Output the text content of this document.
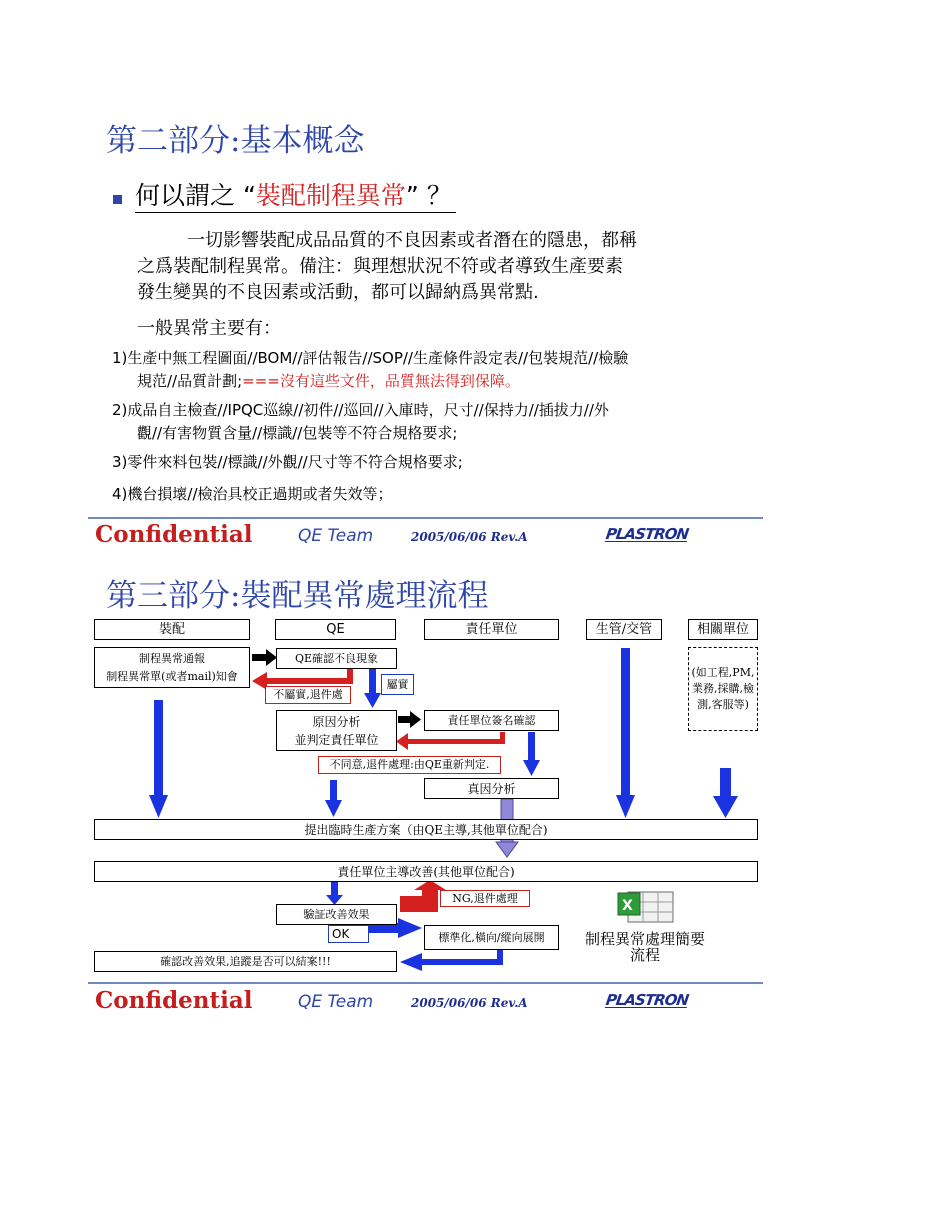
第二部分:基本概念
何以謂之 “裝配制程異常” ？
一切影響裝配成品品質的不良因素或者潛在的隱患，都稱
之爲裝配制程異常。備注：與理想狀況不符或者導致生產要素
發生變異的不良因素或活動，都可以歸納爲異常點.
一般異常主要有：
1)生產中無工程圖面//BOM//評估報告//SOP//生產條件設定表//包裝規范//檢驗
規范//品質計劃;===沒有這些文件，品質無法得到保障。
2)成品自主檢查//IPQC巡線//初件//巡回//入庫時，尺寸//保持力//插拔力//外
觀//有害物質含量//標識//包裝等不符合規格要求;
3)零件來料包裝//標識//外觀//尺寸等不符合規格要求;
4)機台損壞//檢治具校正過期或者失效等；
Confidential	QE Team	2005/06/06 Rev.A	PLASTRON
第三部分:裝配異常處理流程
X
裝配	QE	責任單位	生管/交管	相關單位
制程異常通報
制程異常單(或者mail)知會
QE確認不良現象
不屬實,退件處
屬實
(如工程,PM,業務,採購,檢測,客服等)
原因分析
並判定責任單位
責任單位簽名確認
不同意,退件處理:由QE重新判定.
真因分析
提出臨時生產方案（由QE主導,其他單位配合)
責任單位主導改善(其他單位配合)
NG,退件處理
驗証改善效果
OK	標準化,橫向/縱向展開
確認改善效果,追蹤是否可以結案!!!
制程異常處理簡要
流程
Confidential	QE Team	2005/06/06 Rev.A	PLASTRON
